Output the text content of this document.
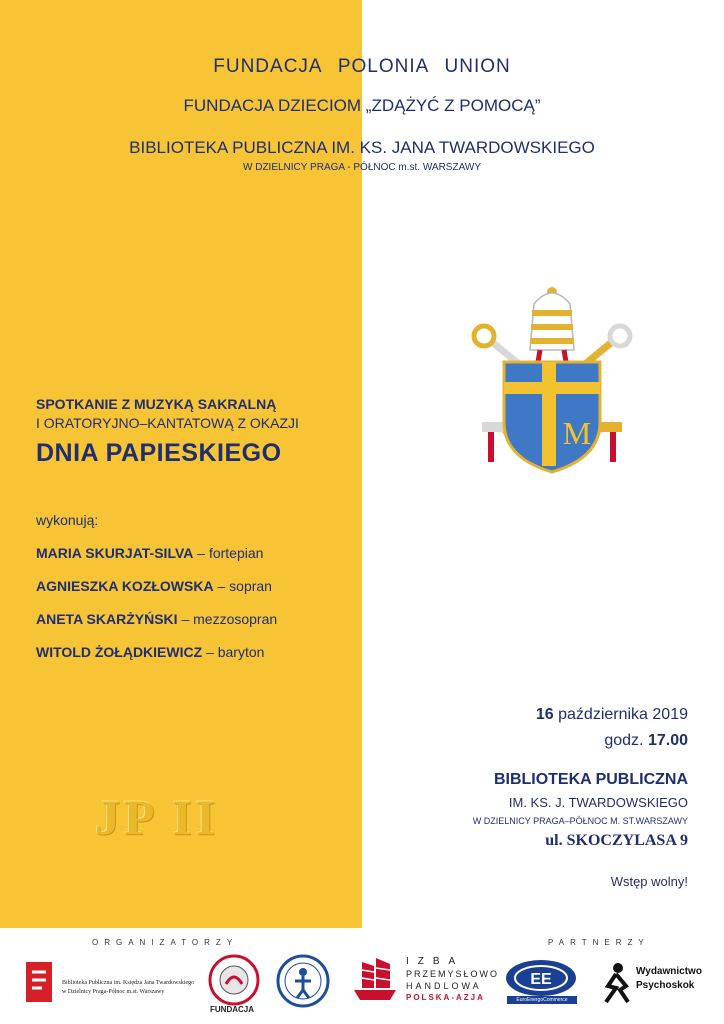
FUNDACJA POLONIA UNION
FUNDACJA DZIECIOM „ZDĄŻYĆ Z POMOCĄ”
BIBLIOTEKA PUBLICZNA IM. KS. JANA TWARDOWSKIEGO
W DZIELNICY PRAGA - PÓŁNOC m.st. WARSZAWY
M
SPOTKANIE Z MUZYKĄ SAKRALNĄ
I ORATORYJNO–KANTATOWĄ Z OKAZJI
DNIA PAPIESKIEGO
wykonują:
MARIA SKURJAT-SILVA – fortepian
AGNIESZKA KOZŁOWSKA – sopran
ANETA SKARŻYŃSKI – mezzosopran
WITOLD ŻOŁĄDKIEWICZ – baryton
JP II
16 października 2019
godz. 17.00
BIBLIOTEKA PUBLICZNA
IM. KS. J. TWARDOWSKIEGO
W DZIELNICY PRAGA–PÓŁNOC M. ST.WARSZAWY
ul. SKOCZYLASA 9
Wstęp wolny!
ORGANIZATORZY	PARTNERZY
Biblioteka Publiczna im. Księdza Jana Twardowskiego
w Dzielnicy Praga-Północ m.st. Warszawy
FUNDACJA
IZBA
PRZEMYSŁOWO
HANDLOWA
POLSKA-AZJA
EE
EuroEnergoCommerce
Wydawnictwo
Psychoskok
